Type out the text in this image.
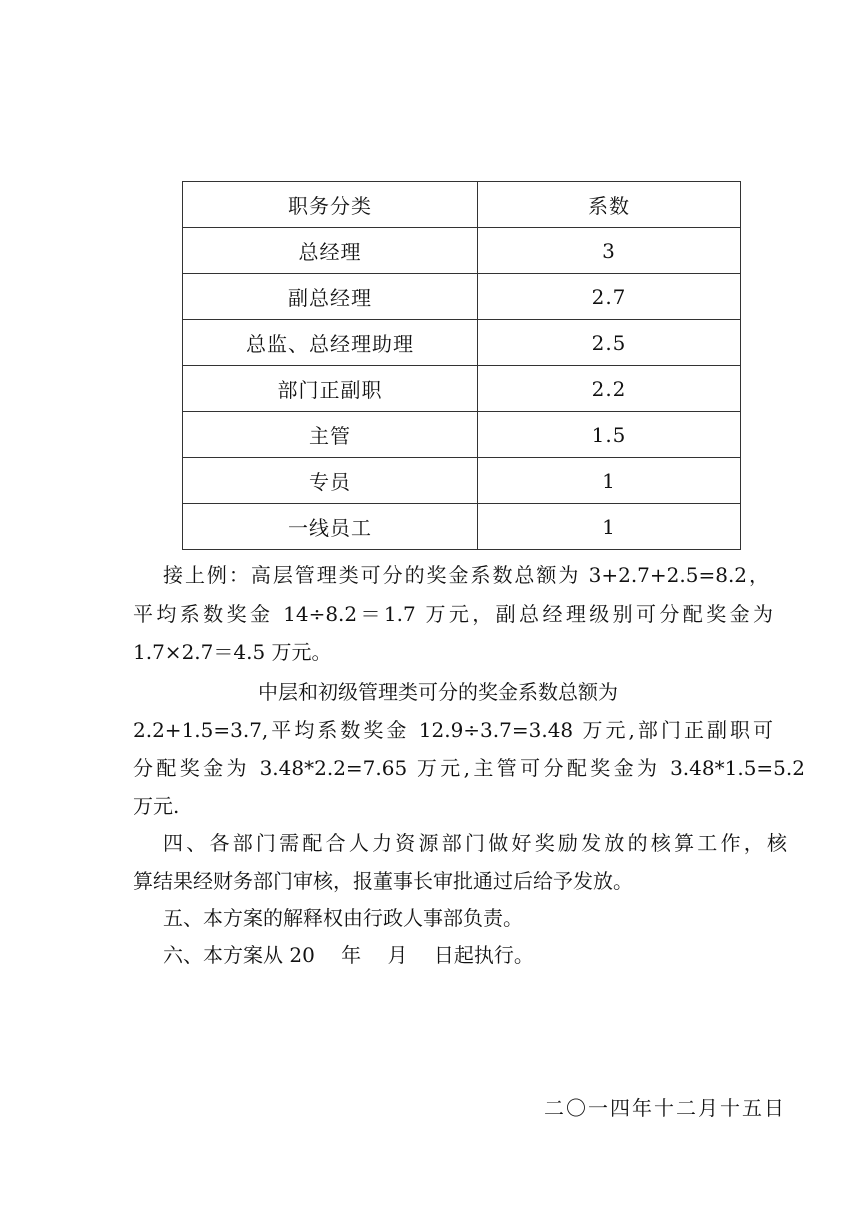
职务分类	系数
总经理	3
副总经理	2.7
总监、总经理助理	2.5
部门正副职	2.2
主管	1.5
专员	1
一线员工	1
接上例：高层管理类可分的奖金系数总额为 3+2.7+2.5=8.2，
平均系数奖金 14÷8.2＝1.7 万元，副总经理级别可分配奖金为
1.7×2.7＝4.5 万元。
中层和初级管理类可分的奖金系数总额为
2.2+1.5=3.7,平均系数奖金 12.9÷3.7=3.48 万元,部门正副职可
分配奖金为 3.48*2.2=7.65 万元,主管可分配奖金为 3.48*1.5=5.2
万元.
四、各部门需配合人力资源部门做好奖励发放的核算工作，核
算结果经财务部门审核，报董事长审批通过后给予发放。
五、本方案的解释权由行政人事部负责。
六、本方案从 20　 年　 月　 日起执行。
二〇一四年十二月十五日
